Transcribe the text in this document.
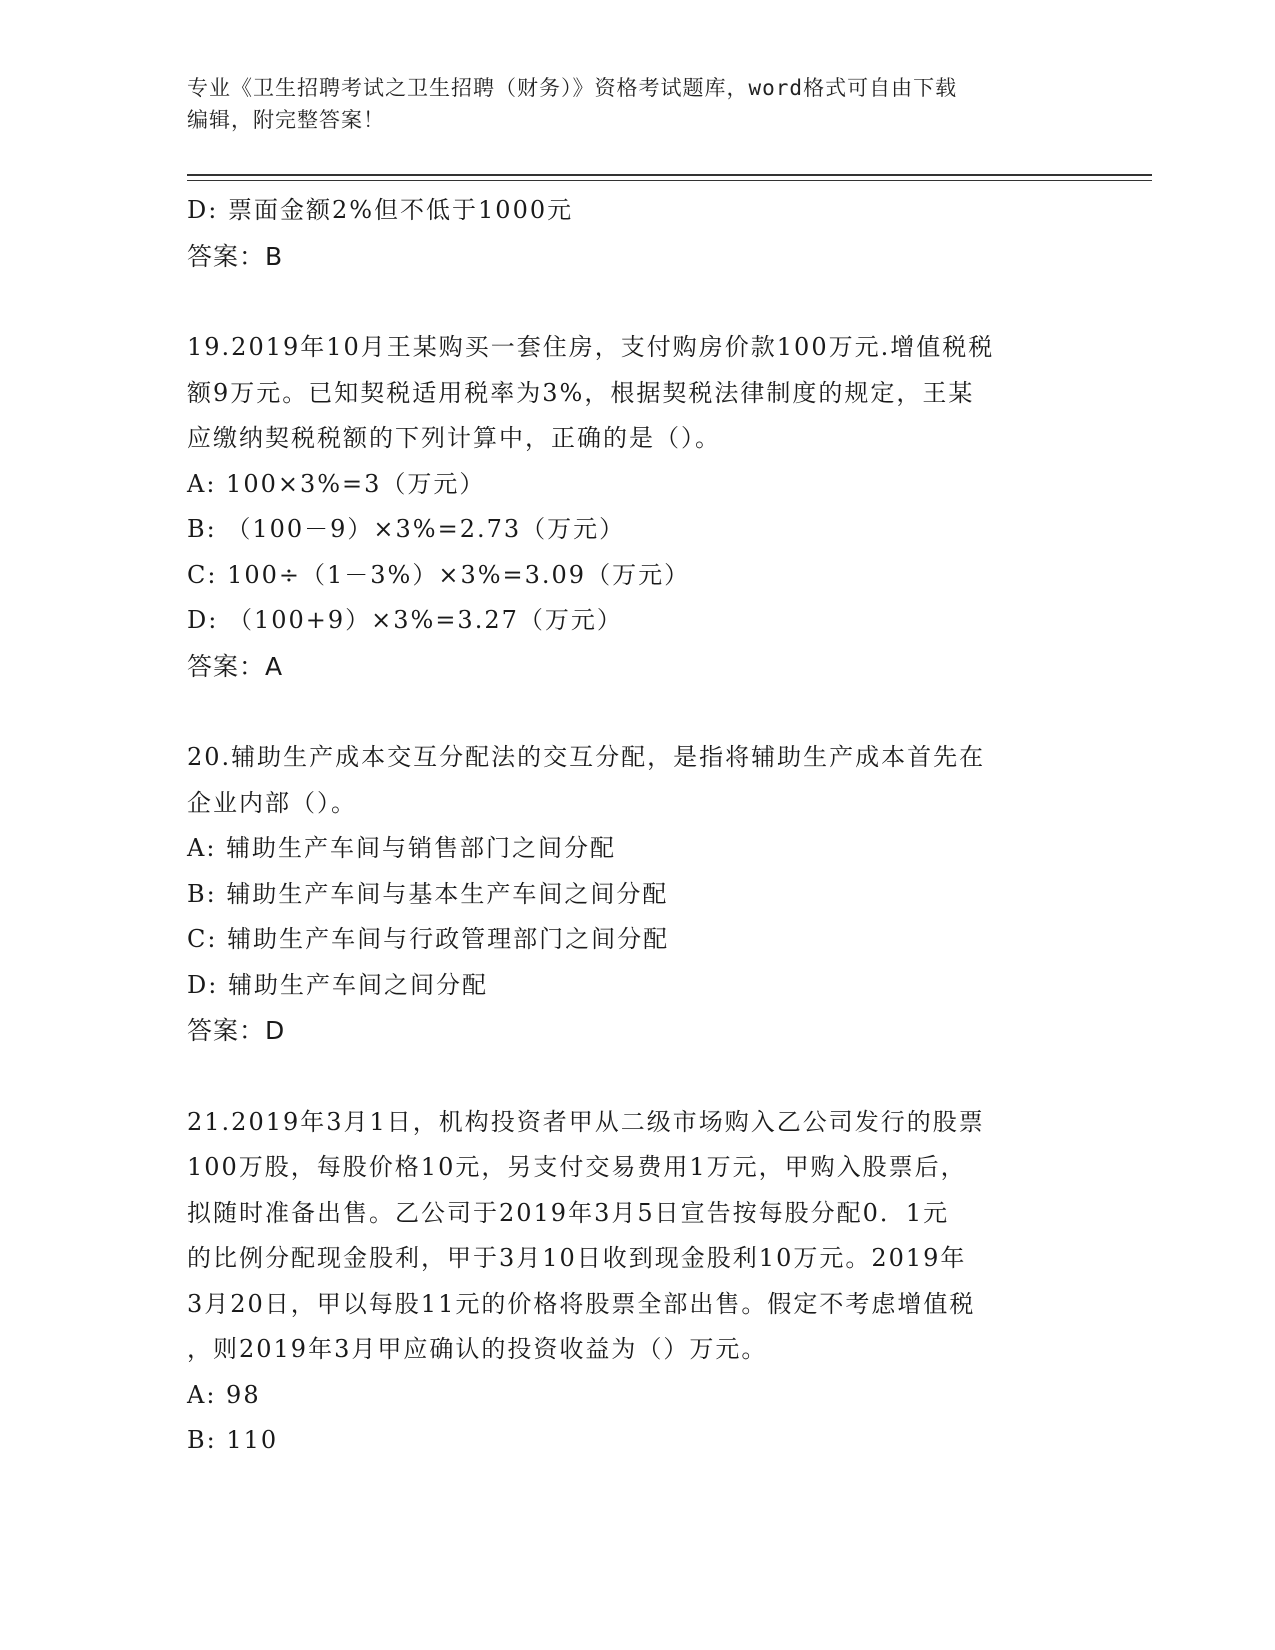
专业《卫生招聘考试之卫生招聘（财务）》资格考试题库，word格式可自由下载
编辑，附完整答案！
D: 票面金额2%但不低于1000元
答案：B
19.2019年10月王某购买一套住房，支付购房价款100万元.增值税税
额9万元。已知契税适用税率为3%，根据契税法律制度的规定，王某
应缴纳契税税额的下列计算中，正确的是（）。
A: 100×3%=3（万元）
B: （100－9）×3%=2.73（万元）
C: 100÷（1－3%）×3%=3.09（万元）
D: （100+9）×3%=3.27（万元）
答案：A
20.辅助生产成本交互分配法的交互分配，是指将辅助生产成本首先在
企业内部（）。
A: 辅助生产车间与销售部门之间分配
B: 辅助生产车间与基本生产车间之间分配
C: 辅助生产车间与行政管理部门之间分配
D: 辅助生产车间之间分配
答案：D
21.2019年3月1日，机构投资者甲从二级市场购入乙公司发行的股票
100万股，每股价格10元，另支付交易费用1万元，甲购入股票后，
拟随时准备出售。乙公司于2019年3月5日宣告按每股分配0．1元
的比例分配现金股利，甲于3月10日收到现金股利10万元。2019年
3月20日，甲以每股11元的价格将股票全部出售。假定不考虑增值税
，则2019年3月甲应确认的投资收益为（）万元。
A: 98
B: 110
